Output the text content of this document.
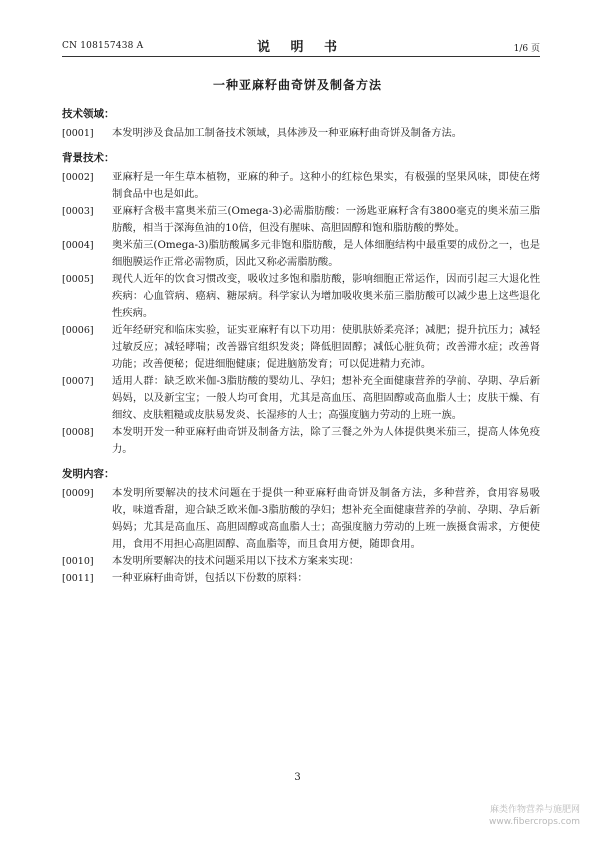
CN 108157438 A	说 明 书	1/6 页
一种亚麻籽曲奇饼及制备方法
技术领域：
[0001]	本发明涉及食品加工制备技术领域，具体涉及一种亚麻籽曲奇饼及制备方法。
背景技术：
[0002]	亚麻籽是一年生草本植物，亚麻的种子。这种小的红棕色果实，有极强的坚果风味，即使在烤制食品中也是如此。
[0003]	亚麻籽含极丰富奥米茄三(Omega-3)必需脂肪酸：一汤匙亚麻籽含有3800毫克的奥米茄三脂肪酸，相当于深海鱼油的10倍，但没有腥味、高胆固醇和饱和脂肪酸的弊处。
[0004]	奥米茄三(Omega-3)脂肪酸属多元非饱和脂肪酸，是人体细胞结构中最重要的成份之一，也是细胞膜运作正常必需物质，因此又称必需脂肪酸。
[0005]	现代人近年的饮食习惯改变，吸收过多饱和脂肪酸，影响细胞正常运作，因而引起三大退化性疾病：心血管病、癌病、糖尿病。科学家认为增加吸收奥米茄三脂肪酸可以减少患上这些退化性疾病。
[0006]	近年经研究和临床实验，证实亚麻籽有以下功用：使肌肤娇柔亮泽；减肥；提升抗压力；减轻过敏反应；减轻哮喘；改善器官组织发炎；降低胆固醇；减低心脏负荷；改善滞水症；改善肾功能；改善便秘；促进细胞健康；促进脑筋发育；可以促进精力充沛。
[0007]	适用人群：缺乏欧米伽-3脂肪酸的婴幼儿、孕妇；想补充全面健康营养的孕前、孕期、孕后新妈妈，以及新宝宝；一般人均可食用，尤其是高血压、高胆固醇或高血脂人士；皮肤干燥、有细纹、皮肤粗糙或皮肤易发炎、长湿疹的人士；高强度脑力劳动的上班一族。
[0008]	本发明开发一种亚麻籽曲奇饼及制备方法，除了三餐之外为人体提供奥米茄三，提高人体免疫力。
发明内容：
[0009]	本发明所要解决的技术问题在于提供一种亚麻籽曲奇饼及制备方法，多种营养，食用容易吸收，味道香甜，迎合缺乏欧米伽-3脂肪酸的孕妇；想补充全面健康营养的孕前、孕期、孕后新妈妈；尤其是高血压、高胆固醇或高血脂人士；高强度脑力劳动的上班一族摄食需求，方便使用，食用不用担心高胆固醇、高血脂等，而且食用方便，随即食用。
[0010]	本发明所要解决的技术问题采用以下技术方案来实现：
[0011]	一种亚麻籽曲奇饼，包括以下份数的原料：
3
麻类作物营养与施肥网
www.fibercrops.com
